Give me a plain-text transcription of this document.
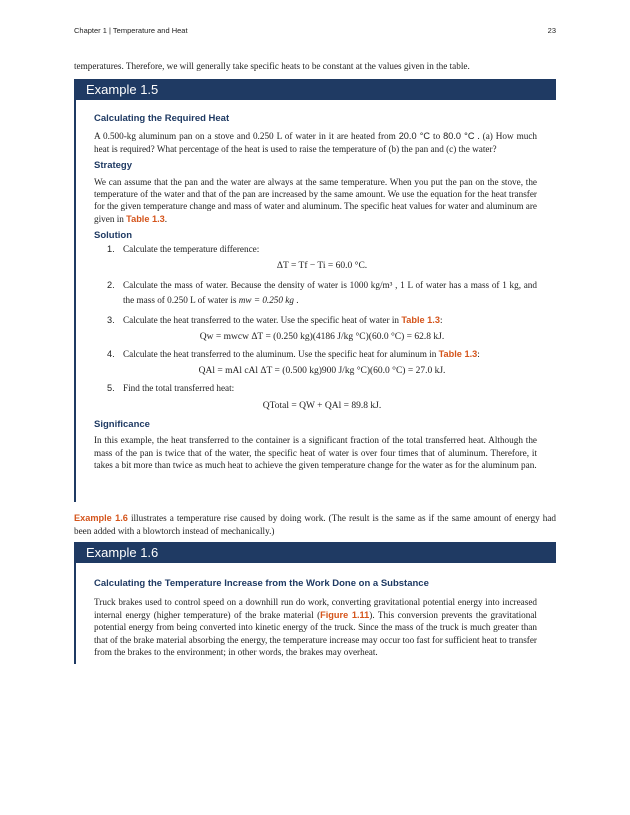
Chapter 1 | Temperature and Heat	23
temperatures. Therefore, we will generally take specific heats to be constant at the values given in the table.
Example 1.5
Calculating the Required Heat
A 0.500-kg aluminum pan on a stove and 0.250 L of water in it are heated from 20.0 °C to 80.0 °C . (a) How much heat is required? What percentage of the heat is used to raise the temperature of (b) the pan and (c) the water?
Strategy
We can assume that the pan and the water are always at the same temperature. When you put the pan on the stove, the temperature of the water and that of the pan are increased by the same amount. We use the equation for the heat transfer for the given temperature change and mass of water and aluminum. The specific heat values for water and aluminum are given in Table 1.3.
Solution
1. Calculate the temperature difference:
ΔT = Tf − Ti = 60.0 °C.
2. Calculate the mass of water. Because the density of water is 1000 kg/m³ , 1 L of water has a mass of 1 kg, and the mass of 0.250 L of water is mw = 0.250 kg .
3. Calculate the heat transferred to the water. Use the specific heat of water in Table 1.3:
Qw = mwcw ΔT = (0.250 kg)(4186 J/kg °C)(60.0 °C) = 62.8 kJ.
4. Calculate the heat transferred to the aluminum. Use the specific heat for aluminum in Table 1.3:
QAl = mAl cAl ΔT = (0.500 kg)900 J/kg °C)(60.0 °C) = 27.0 kJ.
5. Find the total transferred heat:
QTotal = QW + QAl = 89.8 kJ.
Significance
In this example, the heat transferred to the container is a significant fraction of the total transferred heat. Although the mass of the pan is twice that of the water, the specific heat of water is over four times that of aluminum. Therefore, it takes a bit more than twice as much heat to achieve the given temperature change for the water as for the aluminum pan.
Example 1.6 illustrates a temperature rise caused by doing work. (The result is the same as if the same amount of energy had been added with a blowtorch instead of mechanically.)
Example 1.6
Calculating the Temperature Increase from the Work Done on a Substance
Truck brakes used to control speed on a downhill run do work, converting gravitational potential energy into increased internal energy (higher temperature) of the brake material (Figure 1.11). This conversion prevents the gravitational potential energy from being converted into kinetic energy of the truck. Since the mass of the truck is much greater than that of the brake material absorbing the energy, the temperature increase may occur too fast for sufficient heat to transfer from the brakes to the environment; in other words, the brakes may overheat.
